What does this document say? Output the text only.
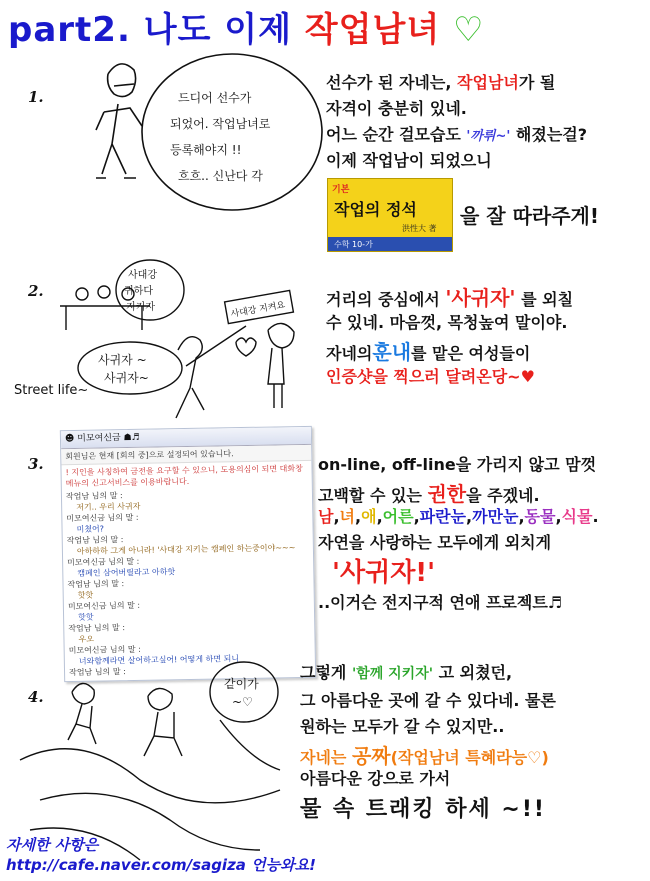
part2. 나도 이제 작업남녀 ♡
1.	드디어 선수가
되었어. 작업남녀로
등록해야지 !!
흐흐.. 신난다 각
선수가 된 자네는, 작업남녀가 될
자격이 충분히 있네.
어느 순간 걸모습도 '까뤼~' 해졌는걸?
이제 작업남이 되었으니
기본
작업의 정석
洪性大 著
수학 10-가
을 잘 따라주게!
2.
사대강
귀하다
지키자	사대강 지켜요
사귀자 ~
사귀자~
Street life~
거리의 중심에서 '사귀자' 를 외칠
수 있네. 마음껏, 목청높여 말이야.
자네의훈내를 맡은 여성들이
인증샷을 찍으러 달려온당~♥
3.
☻ 미모여신금 ☗♬
회원님은 현재 [회의 중]으로 설정되어 있습니다.
! 지인을 사칭하여 금전을 요구할 수 있으니, 도용의심이 되면 대화창 메뉴의 신고서비스를 이용바랍니다.
작업남 님의 말 :
저기.. 우리 사귀자
미모여신금 님의 말 :
미쳤어?
작업남 님의 말 :
아하하하 그게 아니라! '사대강 지키는 캠페인 하는중이야~~~
미모여신금 님의 말 :
캠페인 삼어버릴라고 아하핫
작업남 님의 말 :
핫핫
미모여신금 님의 말 :
핫핫
작업남 님의 말 :
우오
미모여신금 님의 말 :
너와함께라면 살어하고싶어! 어떻게 하면 되니
작업남 님의 말 :
on-line, off-line을 가리지 않고 맘껏
고백할 수 있는 권한을 주겠네.
남,녀,애,어른,파란눈,까만눈,동물,식물.
자연을 사랑하는 모두에게 외치게
'사귀자!'
..이거슨 전지구적 연애 프로젝트♬
4.
같이가
~♡
그렇게 '함께 지키자' 고 외쳤던,
그 아름다운 곳에 갈 수 있다네. 물론
원하는 모두가 갈 수 있지만..
자네는 공짜(작업남녀 특혜라능♡)
아름다운 강으로 가서
물 속 트래킹 하세 ~!!
자세한 사항은
http://cafe.naver.com/sagiza 언능와요!
